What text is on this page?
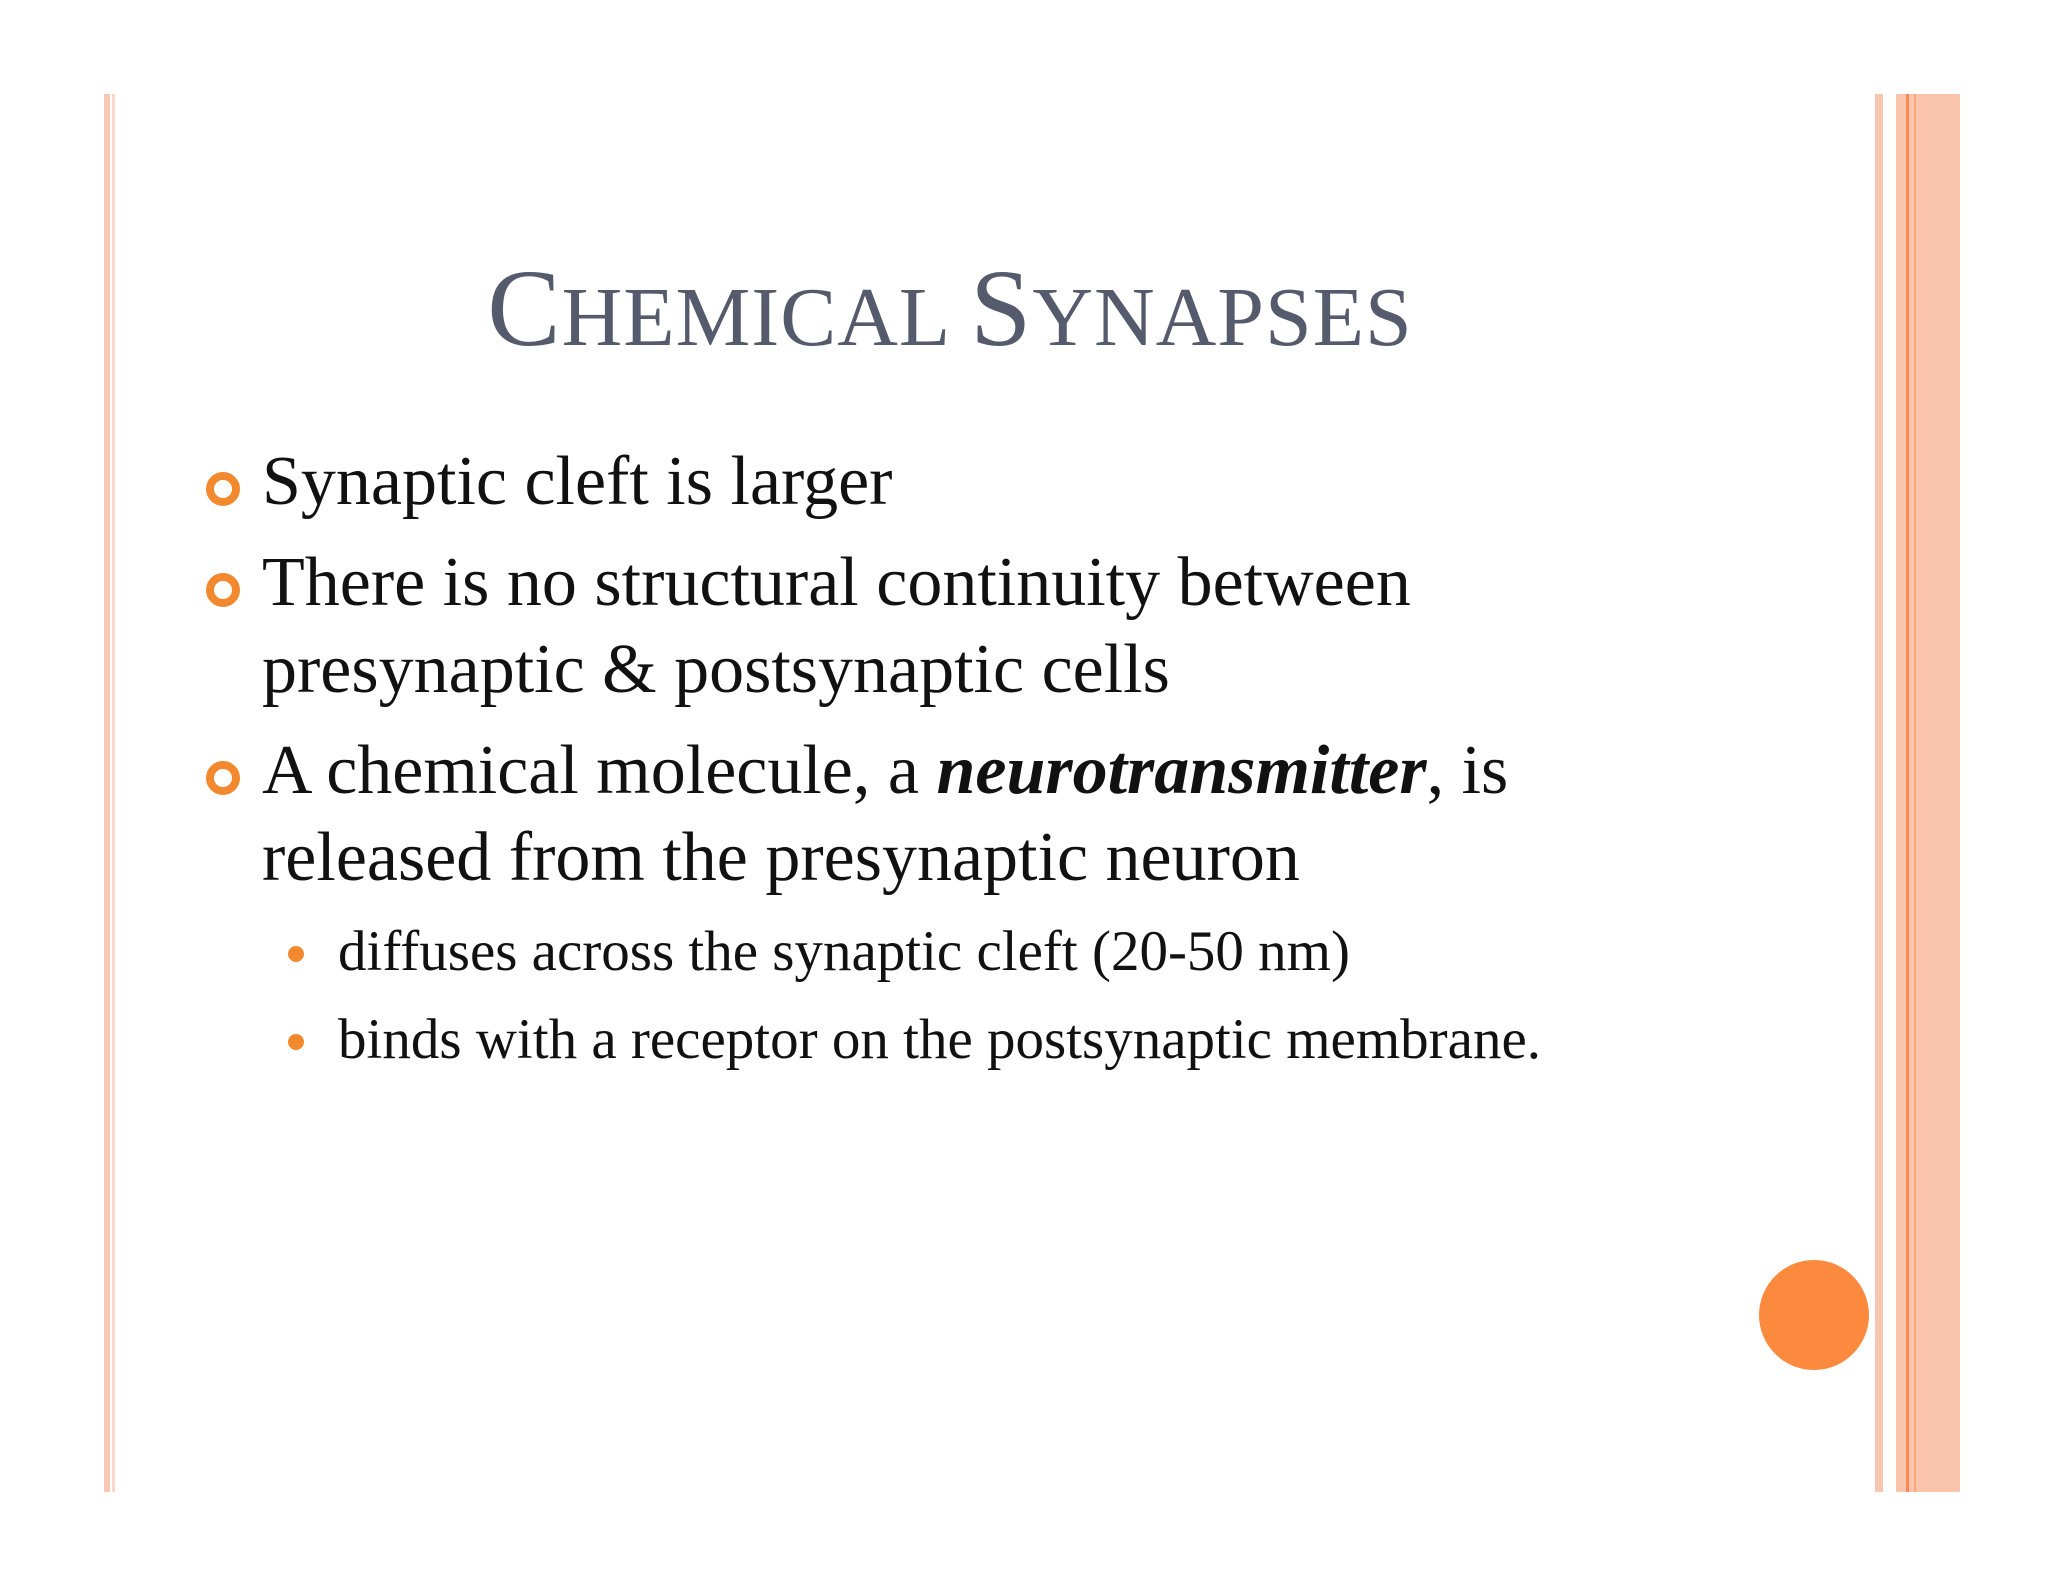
CHEMICAL SYNAPSES
Synaptic cleft is larger
There is no structural continuity between presynaptic & postsynaptic cells
A chemical molecule, a neurotransmitter, is released from the presynaptic neuron
diffuses across the synaptic cleft (20-50 nm)
binds with a receptor on the postsynaptic membrane.
